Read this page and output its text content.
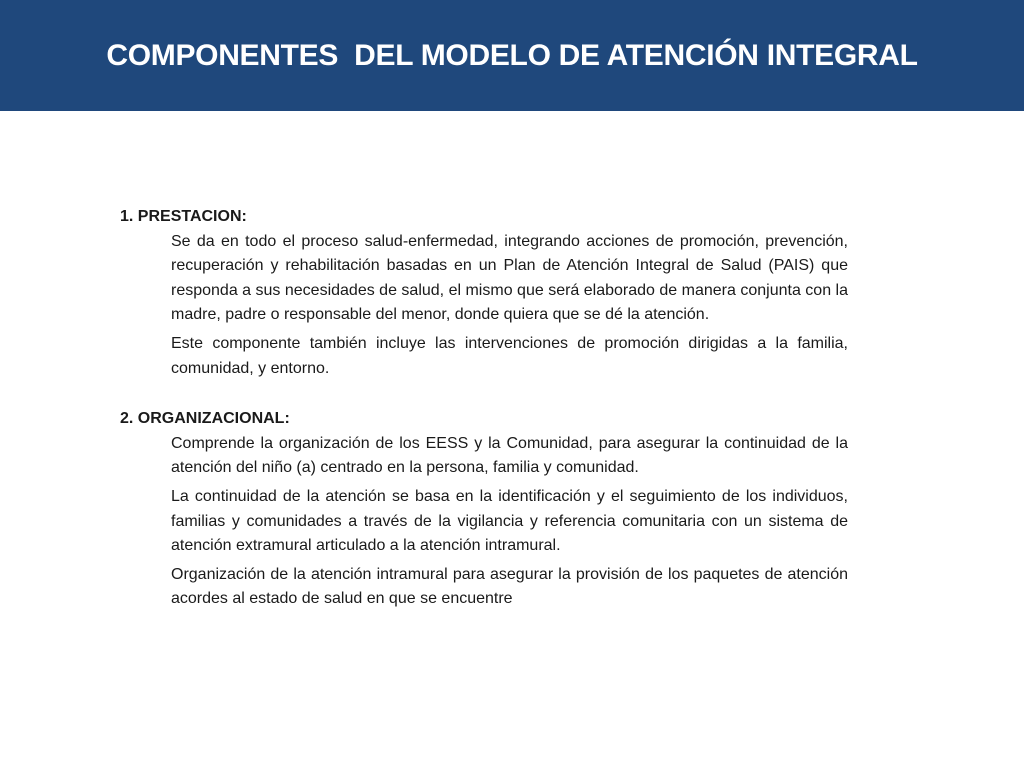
COMPONENTES  DEL MODELO DE ATENCIÓN INTEGRAL

1. PRESTACION:

Se da en todo el proceso salud-enfermedad, integrando acciones de promoción, prevención, recuperación y rehabilitación basadas en un Plan de Atención Integral de Salud (PAIS) que responda a sus necesidades de salud, el mismo que será elaborado de manera conjunta con la madre, padre o responsable del menor, donde quiera que se dé la atención.

Este componente también incluye las intervenciones de promoción dirigidas a la familia, comunidad, y entorno.

2. ORGANIZACIONAL:

Comprende la organización de los EESS y la Comunidad, para asegurar la continuidad de la atención del niño (a) centrado en la persona, familia y comunidad.

La continuidad de la atención se basa en la identificación y el seguimiento de los individuos, familias y comunidades a través de la vigilancia y referencia comunitaria con un sistema de atención extramural articulado a la atención intramural.

Organización de la atención intramural para asegurar la provisión de los paquetes de atención acordes al estado de salud en que se encuentre
